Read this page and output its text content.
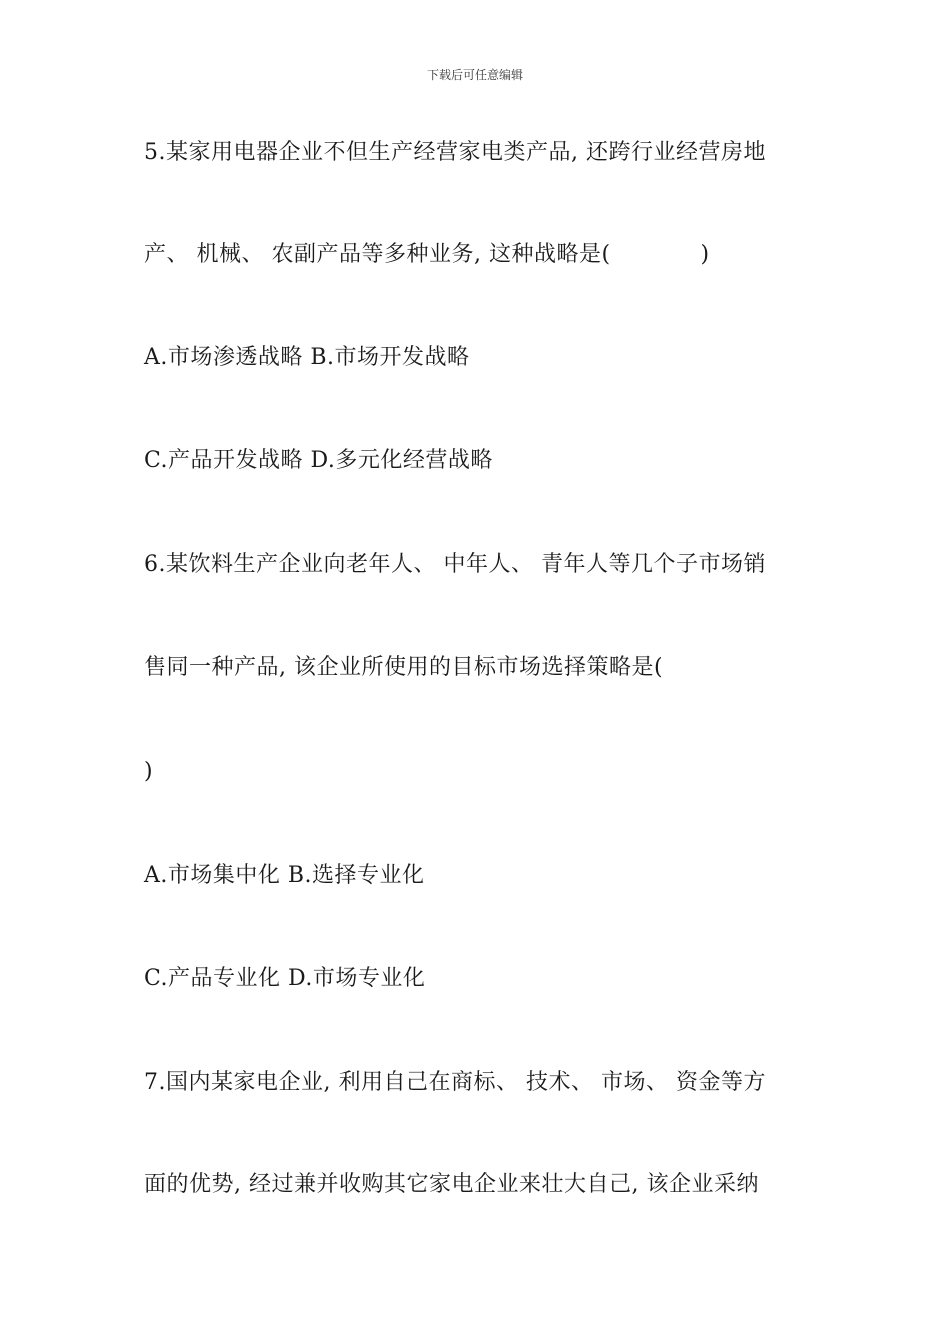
下载后可任意编辑
5.某家用电器企业不但生产经营家电类产品, 还跨行业经营房地
产、 机械、 农副产品等多种业务, 这种战略是(            )
A.市场渗透战略 B.市场开发战略
C.产品开发战略 D.多元化经营战略
6.某饮料生产企业向老年人、 中年人、 青年人等几个子市场销
售同一种产品, 该企业所使用的目标市场选择策略是(
)
A.市场集中化 B.选择专业化
C.产品专业化 D.市场专业化
7.国内某家电企业, 利用自己在商标、 技术、 市场、 资金等方
面的优势, 经过兼并收购其它家电企业来壮大自己, 该企业采纳
